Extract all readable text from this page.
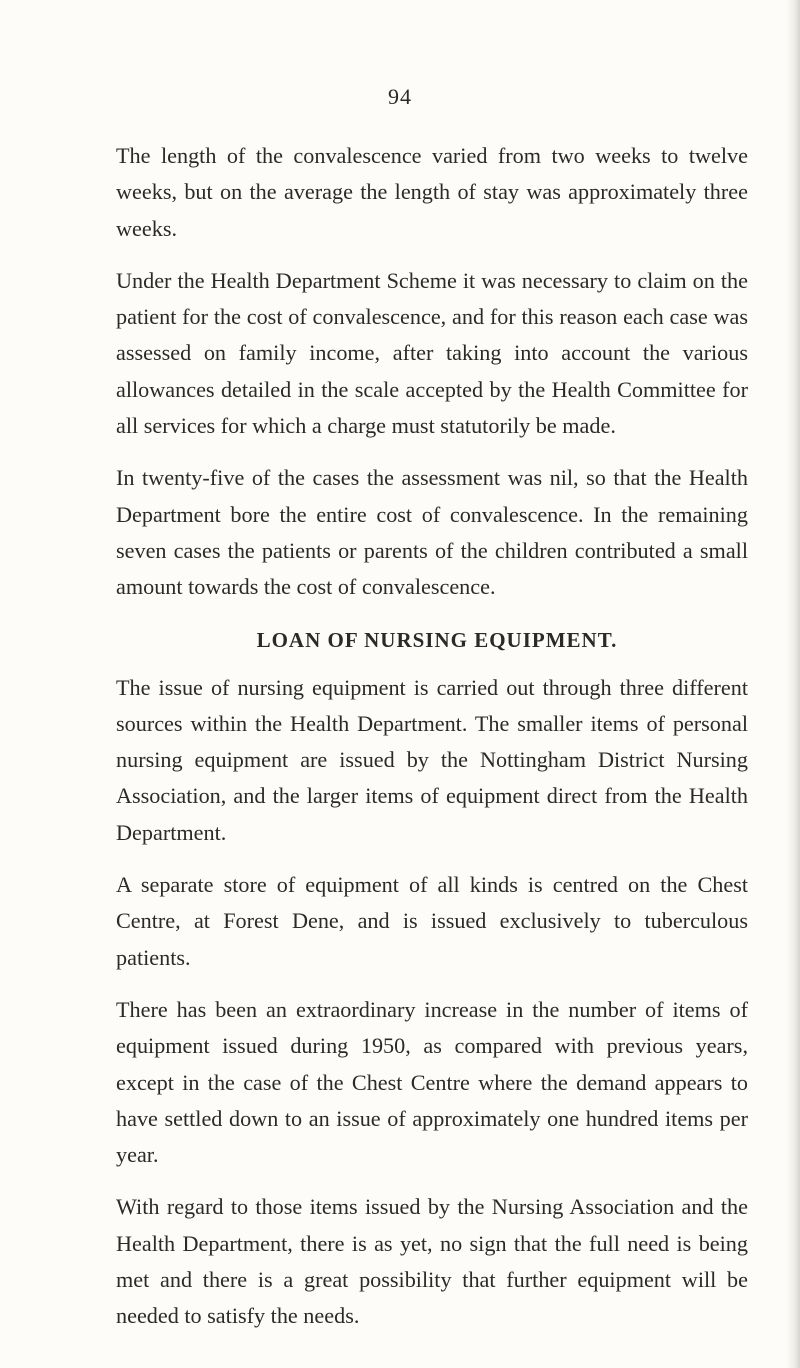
94

The length of the convalescence varied from two weeks to twelve weeks, but on the average the length of stay was approximately three weeks.

Under the Health Department Scheme it was necessary to claim on the patient for the cost of convalescence, and for this reason each case was assessed on family income, after taking into account the various allowances detailed in the scale accepted by the Health Committee for all services for which a charge must statutorily be made.

In twenty-five of the cases the assessment was nil, so that the Health Department bore the entire cost of convalescence. In the remaining seven cases the patients or parents of the children contributed a small amount towards the cost of convalescence.

LOAN OF NURSING EQUIPMENT.

The issue of nursing equipment is carried out through three different sources within the Health Department. The smaller items of personal nursing equipment are issued by the Nottingham District Nursing Association, and the larger items of equipment direct from the Health Department.

A separate store of equipment of all kinds is centred on the Chest Centre, at Forest Dene, and is issued exclusively to tuberculous patients.

There has been an extraordinary increase in the number of items of equipment issued during 1950, as compared with previous years, except in the case of the Chest Centre where the demand appears to have settled down to an issue of approximately one hundred items per year.

With regard to those items issued by the Nursing Association and the Health Department, there is as yet, no sign that the full need is being met and there is a great possibility that further equipment will be needed to satisfy the needs.
